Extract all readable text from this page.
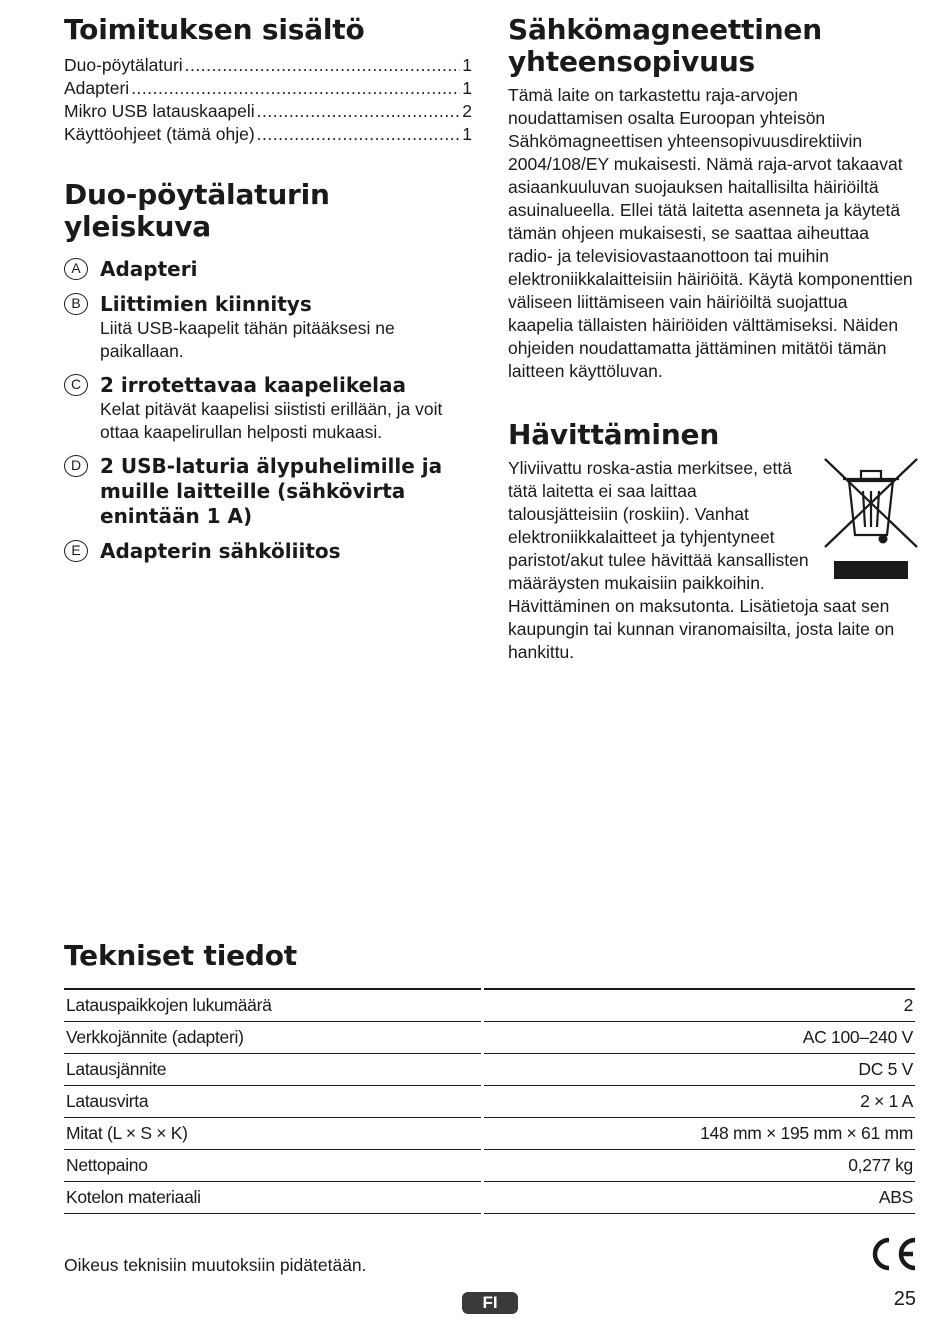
Toimituksen sisältö
Duo-pöytälaturi .....	1
Adapteri .....	1
Mikro USB latauskaapeli .....	2
Käyttöohjeet (tämä ohje) .....	1
Duo-pöytälaturin yleiskuva
A Adapteri
B Liittimien kiinnitys
Liitä USB-kaapelit tähän pitääksesi ne paikallaan.
C 2 irrotettavaa kaapelikelaa
Kelat pitävät kaapelisi siististi erillään, ja voit ottaa kaapelirullan helposti mukaasi.
D 2 USB-laturia älypuhelimille ja muille laitteille (sähkövirta enintään 1 A)
E Adapterin sähköliitos
Sähkömagneettinen yhteensopivuus

Tämä laite on tarkastettu raja-arvojen noudattamisen osalta Euroopan yhteisön Sähkömagneettisen yhteensopivuusdirektiivin 2004/108/EY mukaisesti. Nämä raja-arvot takaavat asiaankuuluvan suojauksen haitallisilta häiriöiltä asuinalueella. Ellei tätä laitetta asenneta ja käytetä tämän ohjeen mukaisesti, se saattaa aiheuttaa radio- ja televisiovastaanottoon tai muihin elektroniikkalaitteisiin häiriöitä. Käytä komponenttien väliseen liittämiseen vain häiriöiltä suojattua kaapelia tällaisten häiriöiden välttämiseksi. Näiden ohjeiden noudattamatta jättäminen mitätöi tämän laitteen käyttöluvan.

Hävittäminen

Yliviivattu roska-astia merkitsee, että tätä laitetta ei saa laittaa talousjätteisiin (roskiin). Vanhat elektroniikkalaitteet ja tyhjentyneet paristot/akut tulee hävittää kansallisten määräysten mukaisiin paikkoihin. Hävittäminen on maksutonta. Lisätietoja saat sen kaupungin tai kunnan viranomaisilta, josta laite on hankittu.

Tekniset tiedot
Latauspaikkojen lukumäärä	2
Verkkojännite (adapteri)	AC 100–240 V
Latausjännite	DC 5 V
Latausvirta	2 × 1 A
Mitat (L × S × K)	148 mm × 195 mm × 61 mm
Nettopaino	0,277 kg
Kotelon materiaali	ABS
Oikeus teknisiin muutoksiin pidätetään.
FI	25
